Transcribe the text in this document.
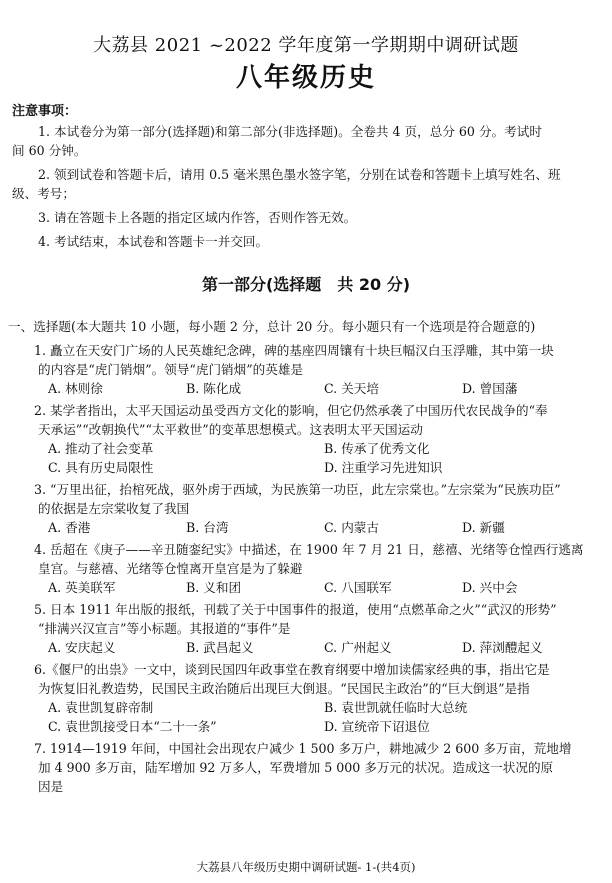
大荔县 2021 ~2022 学年度第一学期期中调研试题
八年级历史
注意事项：

1. 本试卷分为第一部分(选择题)和第二部分(非选择题)。全卷共 4 页，总分 60 分。考试时

间 60 分钟。

2. 领到试卷和答题卡后，请用 0.5 毫米黑色墨水签字笔，分别在试卷和答题卡上填写姓名、班

级、考号；

3. 请在答题卡上各题的指定区域内作答，否则作答无效。

4. 考试结束，本试卷和答题卡一并交回。

第一部分(选择题　共 20 分)

一、选择题(本大题共 10 小题，每小题 2 分，总计 20 分。每小题只有一个选项是符合题意的)

1. 矗立在天安门广场的人民英雄纪念碑，碑的基座四周镶有十块巨幅汉白玉浮雕，其中第一块

的内容是“虎门销烟”。领导“虎门销烟”的英雄是

A. 林则徐	B. 陈化成	C. 关天培	D. 曾国藩

2. 某学者指出，太平天国运动虽受西方文化的影响，但它仍然承袭了中国历代农民战争的“奉

天承运”“改朝换代”“太平救世”的变革思想模式。这表明太平天国运动

A. 推动了社会变革	B. 传承了优秀文化
C. 具有历史局限性	D. 注重学习先进知识

3. “万里出征，抬棺死战，驱外虏于西域，为民族第一功臣，此左宗棠也。”左宗棠为“民族功臣”

的依据是左宗棠收复了我国

A. 香港	B. 台湾	C. 内蒙古	D. 新疆

4. 岳超在《庚子——辛丑随銮纪实》中描述，在 1900 年 7 月 21 日，慈禧、光绪等仓惶西行逃离

皇宫。与慈禧、光绪等仓惶离开皇宫是为了躲避

A. 英美联军	B. 义和团	C. 八国联军	D. 兴中会

5. 日本 1911 年出版的报纸，刊载了关于中国事件的报道，使用“点燃革命之火”“武汉的形势”

“排满兴汉宣言”等小标题。其报道的“事件”是

A. 安庆起义	B. 武昌起义	C. 广州起义	D. 萍浏醴起义

6.《偃尸的出祟》一文中，谈到民国四年政事堂在教育纲要中增加读儒家经典的事，指出它是

为恢复旧礼教造势，民国民主政治随后出现巨大倒退。“民国民主政治”的“巨大倒退”是指

A. 袁世凯复辟帝制	B. 袁世凯就任临时大总统
C. 袁世凯接受日本“二十一条”	D. 宣统帝下诏退位

7. 1914—1919 年间，中国社会出现农户减少 1 500 多万户，耕地减少 2 600 多万亩，荒地增

加 4 900 多万亩，陆军增加 92 万多人，军费增加 5 000 多万元的状况。造成这一状况的原

因是

大荔县八年级历史期中调研试题- 1-(共4页)
